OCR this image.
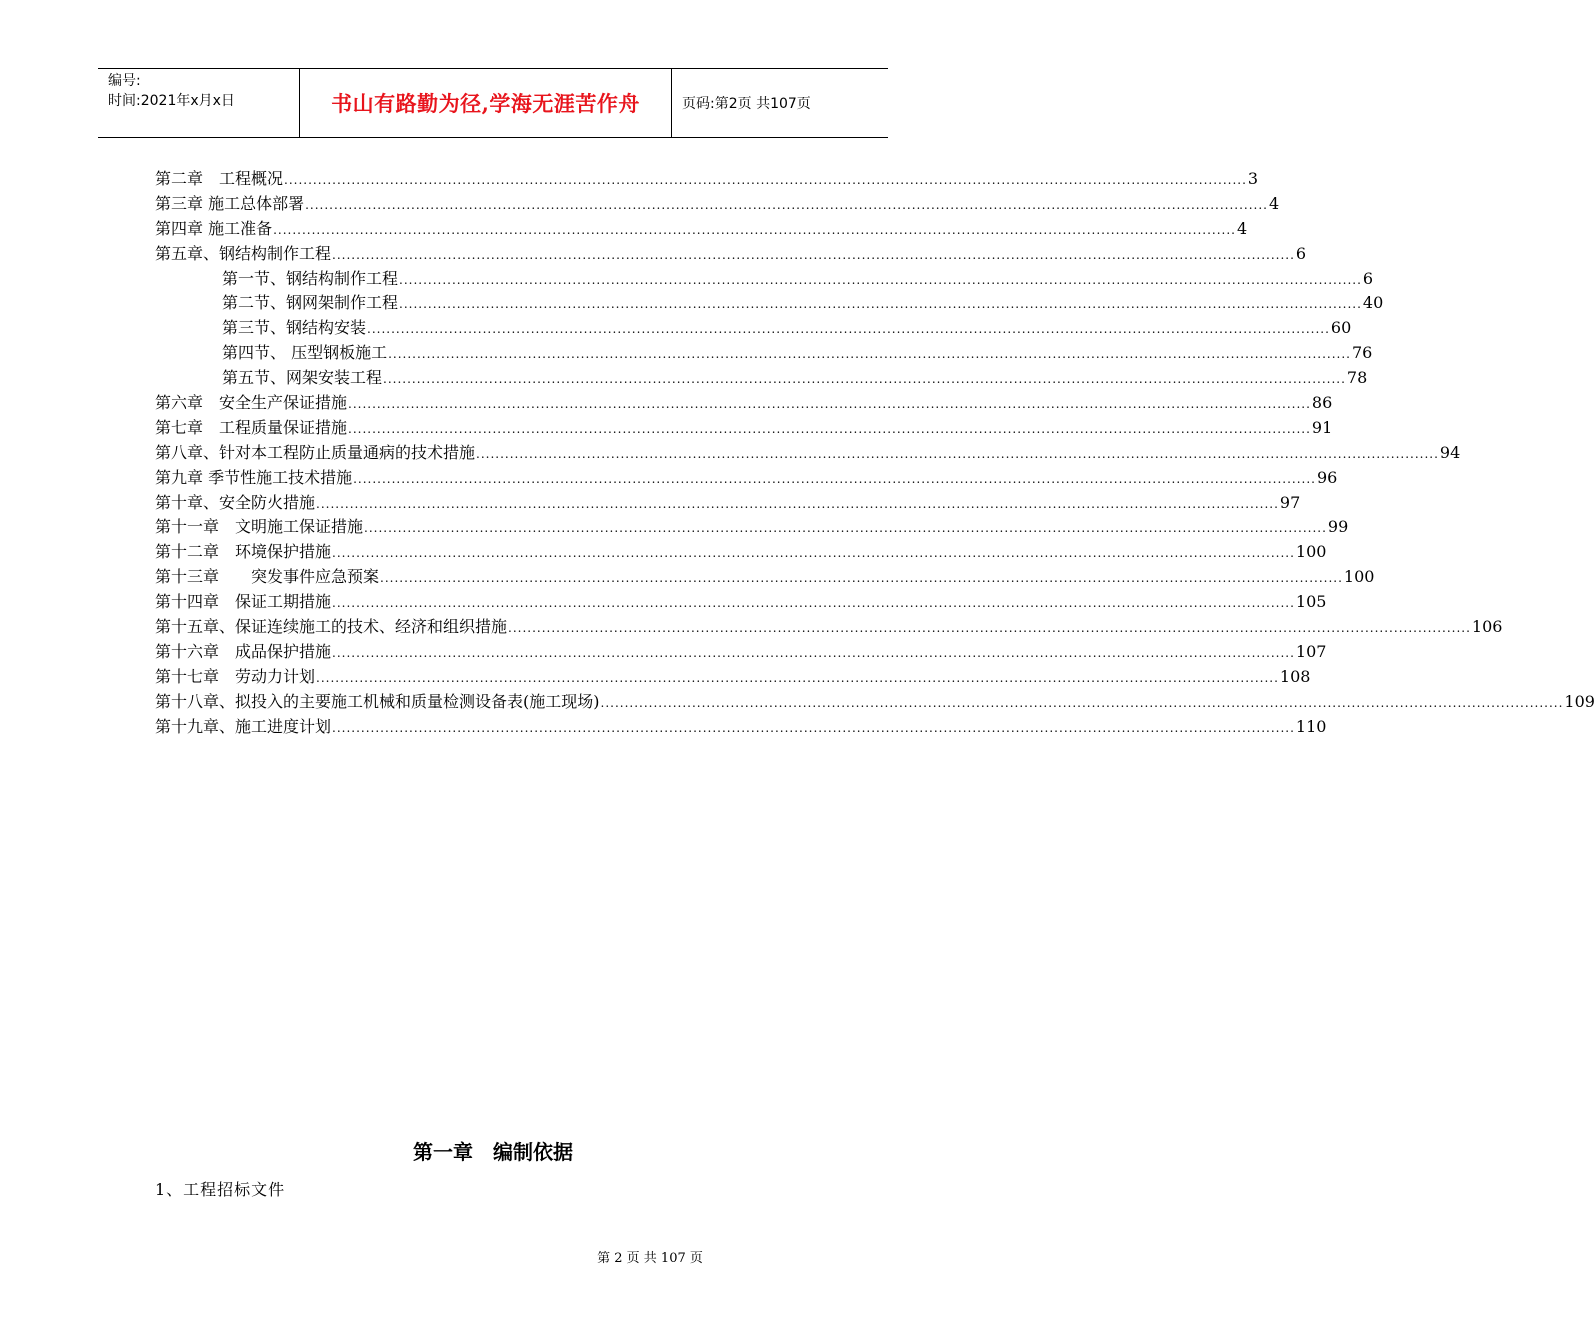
编号:
时间:2021年x月x日	书山有路勤为径,学海无涯苦作舟	页码:第2页 共107页
第二章　工程概况 ........................................................................................................................................................................................................ 3
第三章 施工总体部署 ........................................................................................................................................................................................................ 4
第四章 施工准备 ........................................................................................................................................................................................................ 4
第五章、钢结构制作工程 ........................................................................................................................................................................................................ 6
第一节、钢结构制作工程 ........................................................................................................................................................................................................ 6
第二节、钢网架制作工程 ........................................................................................................................................................................................................ 40
第三节、钢结构安装 ........................................................................................................................................................................................................ 60
第四节、 压型钢板施工 ........................................................................................................................................................................................................ 76
第五节、网架安装工程 ........................................................................................................................................................................................................ 78
第六章　安全生产保证措施 ........................................................................................................................................................................................................ 86
第七章　工程质量保证措施 ........................................................................................................................................................................................................ 91
第八章、针对本工程防止质量通病的技术措施 ........................................................................................................................................................................................................ 94
第九章 季节性施工技术措施 ........................................................................................................................................................................................................ 96
第十章、安全防火措施 ........................................................................................................................................................................................................ 97
第十一章　文明施工保证措施 ........................................................................................................................................................................................................ 99
第十二章　环境保护措施 ........................................................................................................................................................................................................ 100
第十三章　　突发事件应急预案 ........................................................................................................................................................................................................ 100
第十四章　保证工期措施 ........................................................................................................................................................................................................ 105
第十五章、保证连续施工的技术、经济和组织措施 ........................................................................................................................................................................................................ 106
第十六章　成品保护措施 ........................................................................................................................................................................................................ 107
第十七章　劳动力计划 ........................................................................................................................................................................................................ 108
第十八章、拟投入的主要施工机械和质量检测设备表(施工现场) ........................................................................................................................................................................................................ 109
第十九章、施工进度计划 ........................................................................................................................................................................................................ 110
第一章　编制依据
1、工程招标文件
第 2 页 共 107 页
